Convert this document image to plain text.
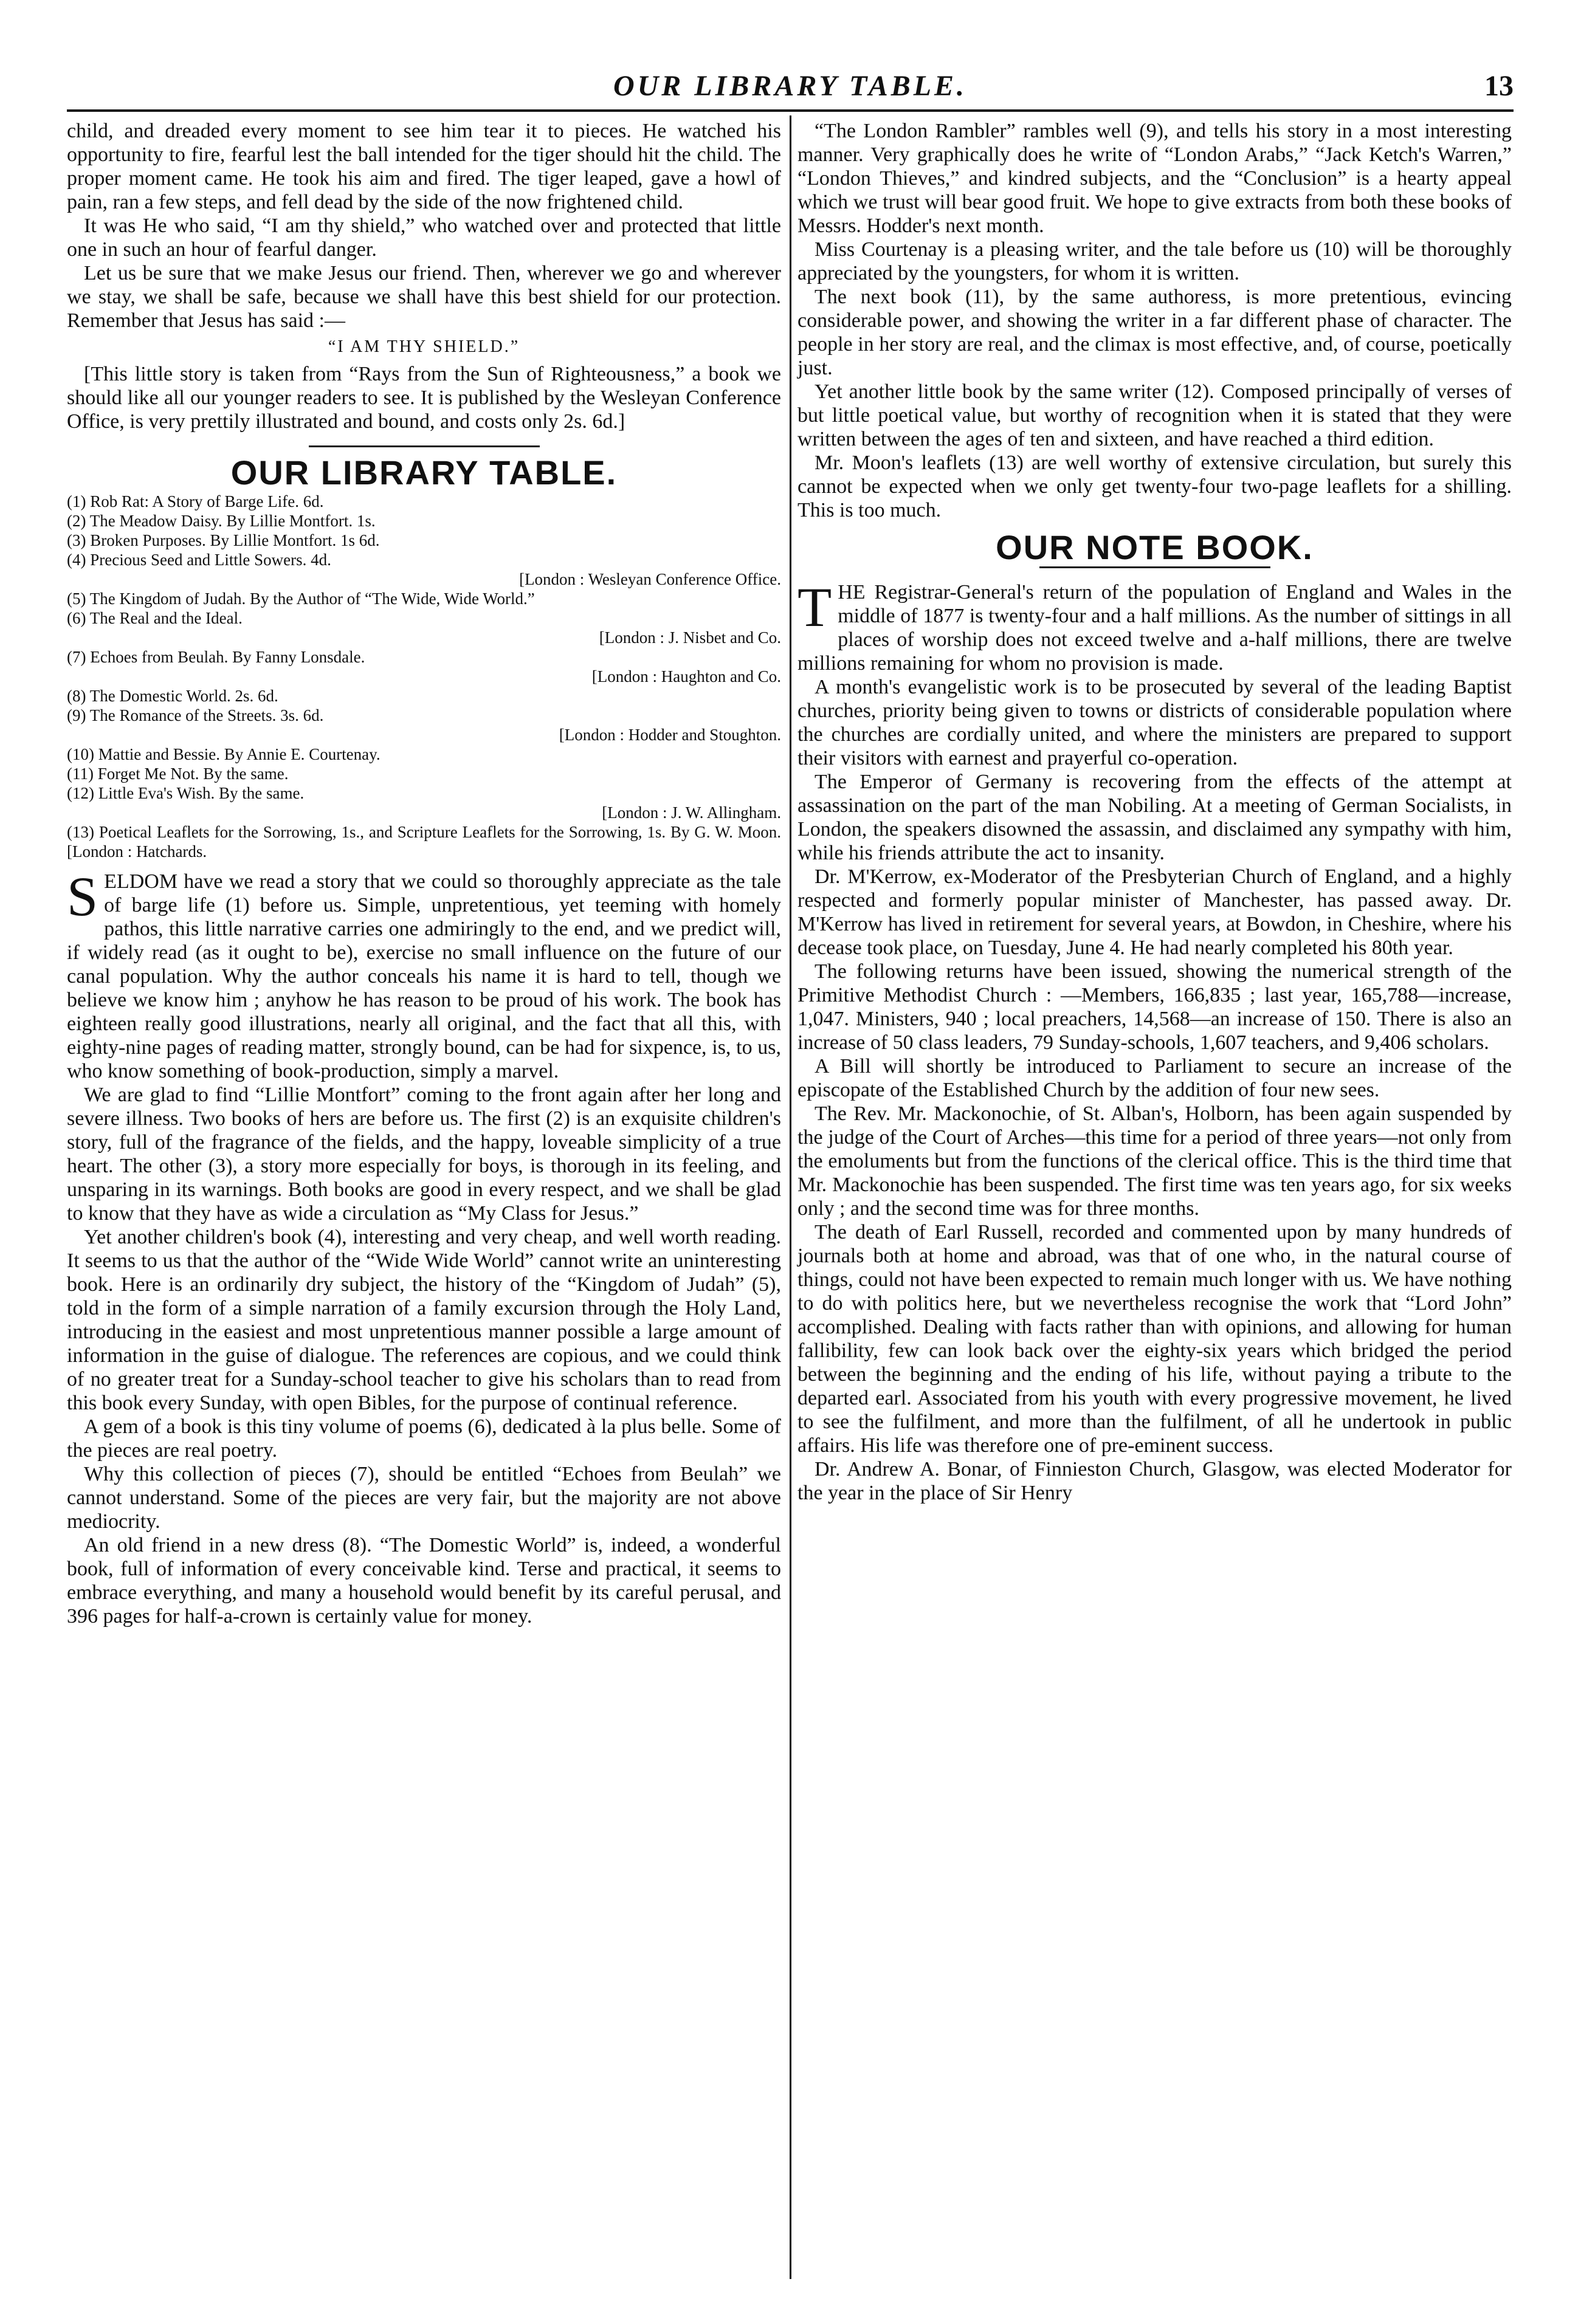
OUR LIBRARY TABLE.	13

child, and dreaded every moment to see him tear it to pieces. He watched his opportunity to fire, fearful lest the ball intended for the tiger should hit the child. The proper moment came. He took his aim and fired. The tiger leaped, gave a howl of pain, ran a few steps, and fell dead by the side of the now frightened child.

It was He who said, “I am thy shield,” who watched over and protected that little one in such an hour of fearful danger.

Let us be sure that we make Jesus our friend. Then, wherever we go and wherever we stay, we shall be safe, because we shall have this best shield for our protection. Remember that Jesus has said :—

“I AM THY SHIELD.”

[This little story is taken from “Rays from the Sun of Righteousness,” a book we should like all our younger readers to see. It is published by the Wesleyan Conference Office, is very prettily illustrated and bound, and costs only 2s. 6d.]

OUR LIBRARY TABLE.
(1) Rob Rat: A Story of Barge Life. 6d.
(2) The Meadow Daisy. By Lillie Montfort. 1s.
(3) Broken Purposes. By Lillie Montfort. 1s 6d.
(4) Precious Seed and Little Sowers. 4d.
[London : Wesleyan Conference Office.
(5) The Kingdom of Judah. By the Author of “The Wide, Wide World.”
(6) The Real and the Ideal.
[London : J. Nisbet and Co.
(7) Echoes from Beulah. By Fanny Lonsdale.
[London : Haughton and Co.
(8) The Domestic World. 2s. 6d.
(9) The Romance of the Streets. 3s. 6d.
[London : Hodder and Stoughton.
(10) Mattie and Bessie. By Annie E. Courtenay.
(11) Forget Me Not. By the same.
(12) Little Eva's Wish. By the same.
[London : J. W. Allingham.
(13) Poetical Leaflets for the Sorrowing, 1s., and Scripture Leaflets for the Sorrowing, 1s. By G. W. Moon. [London : Hatchards.

SELDOM have we read a story that we could so thoroughly appreciate as the tale of barge life (1) before us. Simple, unpretentious, yet teeming with homely pathos, this little narrative carries one admiringly to the end, and we predict will, if widely read (as it ought to be), exercise no small influence on the future of our canal population. Why the author conceals his name it is hard to tell, though we believe we know him ; anyhow he has reason to be proud of his work. The book has eighteen really good illustrations, nearly all original, and the fact that all this, with eighty-nine pages of reading matter, strongly bound, can be had for sixpence, is, to us, who know something of book-production, simply a marvel.

We are glad to find “Lillie Montfort” coming to the front again after her long and severe illness. Two books of hers are before us. The first (2) is an exquisite children's story, full of the fragrance of the fields, and the happy, loveable simplicity of a true heart. The other (3), a story more especially for boys, is thorough in its feeling, and unsparing in its warnings. Both books are good in every respect, and we shall be glad to know that they have as wide a circulation as “My Class for Jesus.”

Yet another children's book (4), interesting and very cheap, and well worth reading. It seems to us that the author of the “Wide Wide World” cannot write an uninteresting book. Here is an ordinarily dry subject, the history of the “Kingdom of Judah” (5), told in the form of a simple narration of a family excursion through the Holy Land, introducing in the easiest and most unpretentious manner possible a large amount of information in the guise of dialogue. The references are copious, and we could think of no greater treat for a Sunday-school teacher to give his scholars than to read from this book every Sunday, with open Bibles, for the purpose of continual reference.

A gem of a book is this tiny volume of poems (6), dedicated à la plus belle. Some of the pieces are real poetry.

Why this collection of pieces (7), should be entitled “Echoes from Beulah” we cannot understand. Some of the pieces are very fair, but the majority are not above mediocrity.

An old friend in a new dress (8). “The Domestic World” is, indeed, a wonderful book, full of information of every conceivable kind. Terse and practical, it seems to embrace everything, and many a household would benefit by its careful perusal, and 396 pages for half-a-crown is certainly value for money.

“The London Rambler” rambles well (9), and tells his story in a most interesting manner. Very graphically does he write of “London Arabs,” “Jack Ketch's Warren,” “London Thieves,” and kindred subjects, and the “Conclusion” is a hearty appeal which we trust will bear good fruit. We hope to give extracts from both these books of Messrs. Hodder's next month.

Miss Courtenay is a pleasing writer, and the tale before us (10) will be thoroughly appreciated by the youngsters, for whom it is written.

The next book (11), by the same authoress, is more pretentious, evincing considerable power, and showing the writer in a far different phase of character. The people in her story are real, and the climax is most effective, and, of course, poetically just.

Yet another little book by the same writer (12). Composed principally of verses of but little poetical value, but worthy of recognition when it is stated that they were written between the ages of ten and sixteen, and have reached a third edition.

Mr. Moon's leaflets (13) are well worthy of extensive circulation, but surely this cannot be expected when we only get twenty-four two-page leaflets for a shilling. This is too much.

OUR NOTE BOOK.

THE Registrar-General's return of the population of England and Wales in the middle of 1877 is twenty-four and a half millions. As the number of sittings in all places of worship does not exceed twelve and a-half millions, there are twelve millions remaining for whom no provision is made.

A month's evangelistic work is to be prosecuted by several of the leading Baptist churches, priority being given to towns or districts of considerable population where the churches are cordially united, and where the ministers are prepared to support their visitors with earnest and prayerful co-operation.

The Emperor of Germany is recovering from the effects of the attempt at assassination on the part of the man Nobiling. At a meeting of German Socialists, in London, the speakers disowned the assassin, and disclaimed any sympathy with him, while his friends attribute the act to insanity.

Dr. M'Kerrow, ex-Moderator of the Presbyterian Church of England, and a highly respected and formerly popular minister of Manchester, has passed away. Dr. M'Kerrow has lived in retirement for several years, at Bowdon, in Cheshire, where his decease took place, on Tuesday, June 4. He had nearly completed his 80th year.

The following returns have been issued, showing the numerical strength of the Primitive Methodist Church : —Members, 166,835 ; last year, 165,788—increase, 1,047. Ministers, 940 ; local preachers, 14,568—an increase of 150. There is also an increase of 50 class leaders, 79 Sunday-schools, 1,607 teachers, and 9,406 scholars.

A Bill will shortly be introduced to Parliament to secure an increase of the episcopate of the Established Church by the addition of four new sees.

The Rev. Mr. Mackonochie, of St. Alban's, Holborn, has been again suspended by the judge of the Court of Arches—this time for a period of three years—not only from the emoluments but from the functions of the clerical office. This is the third time that Mr. Mackonochie has been suspended. The first time was ten years ago, for six weeks only ; and the second time was for three months.

The death of Earl Russell, recorded and commented upon by many hundreds of journals both at home and abroad, was that of one who, in the natural course of things, could not have been expected to remain much longer with us. We have nothing to do with politics here, but we nevertheless recognise the work that “Lord John” accomplished. Dealing with facts rather than with opinions, and allowing for human fallibility, few can look back over the eighty-six years which bridged the period between the beginning and the ending of his life, without paying a tribute to the departed earl. Associated from his youth with every progressive movement, he lived to see the fulfilment, and more than the fulfilment, of all he undertook in public affairs. His life was therefore one of pre-eminent success.

Dr. Andrew A. Bonar, of Finnieston Church, Glasgow, was elected Moderator for the year in the place of Sir Henry
